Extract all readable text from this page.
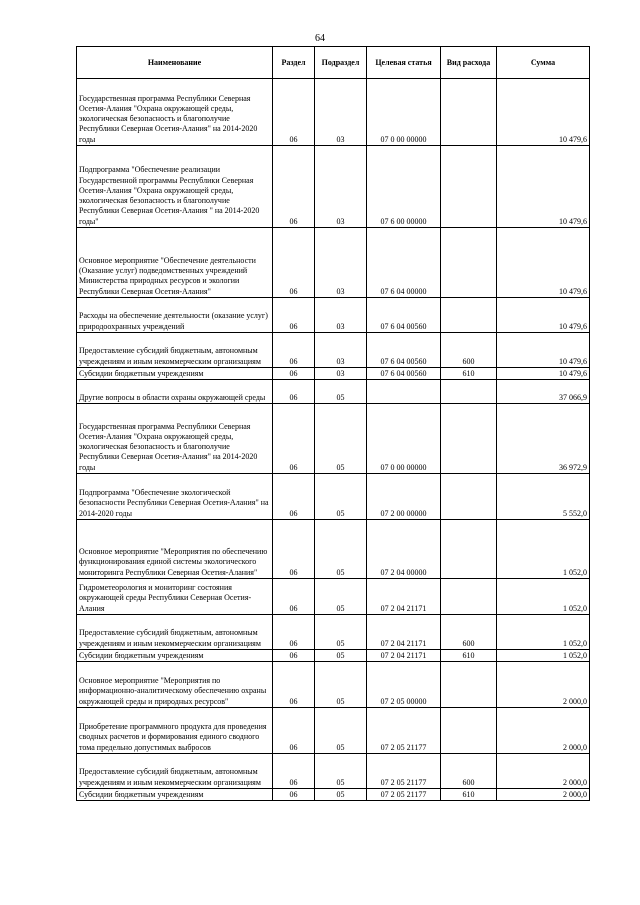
64
Наименование	Раздел	Подраздел	Целевая статья	Вид расхода	Сумма
Государственная программа Республики Северная Осетия-Алания "Охрана окружающей среды, экологическая безопасность и благополучие Республики Северная Осетия-Алания" на 2014-2020 годы	06	03	07 0 00 00000		10 479,6
Подпрограмма "Обеспечение реализации Государственной программы Республики Северная Осетия-Алания "Охрана окружающей среды, экологическая безопасность и благополучие Республики Северная Осетия-Алания " на 2014-2020 годы"	06	03	07 6 00 00000		10 479,6
Основное мероприятие "Обеспечение деятельности (Оказание услуг) подведомственных учреждений Министерства природных ресурсов и экологии Республики Северная Осетия-Алания"	06	03	07 6 04 00000		10 479,6
Расходы на обеспечение деятельности (оказание услуг) природоохранных учреждений	06	03	07 6 04 00560		10 479,6
Предоставление субсидий бюджетным, автономным учреждениям и иным некоммерческим организациям	06	03	07 6 04 00560	600	10 479,6
Субсидии бюджетным учреждениям	06	03	07 6 04 00560	610	10 479,6
Другие вопросы в области охраны окружающей среды	06	05			37 066,9
Государственная программа Республики Северная Осетия-Алания "Охрана окружающей среды, экологическая безопасность и благополучие Республики Северная Осетия-Алания" на 2014-2020 годы	06	05	07 0 00 00000		36 972,9
Подпрограмма "Обеспечение экологической безопасности Республики Северная Осетия-Алания" на 2014-2020 годы	06	05	07 2 00 00000		5 552,0
Основное мероприятие "Мероприятия по обеспечению функционирования единой системы экологического мониторинга Республики Северная Осетия-Алания"	06	05	07 2 04 00000		1 052,0
Гидрометеорология и мониторинг состояния окружающей среды Республики Северная Осетия-Алания	06	05	07 2 04 21171		1 052,0
Предоставление субсидий бюджетным, автономным учреждениям и иным некоммерческим организациям	06	05	07 2 04 21171	600	1 052,0
Субсидии бюджетным учреждениям	06	05	07 2 04 21171	610	1 052,0
Основное мероприятие "Мероприятия по информационно-аналитическому обеспечению охраны окружающей среды и природных ресурсов"	06	05	07 2 05 00000		2 000,0
Приобретение программного продукта для проведения сводных расчетов и формирования единого сводного тома предельно допустимых выбросов	06	05	07 2 05 21177		2 000,0
Предоставление субсидий бюджетным, автономным учреждениям и иным некоммерческим организациям	06	05	07 2 05 21177	600	2 000,0
Субсидии бюджетным учреждениям	06	05	07 2 05 21177	610	2 000,0
